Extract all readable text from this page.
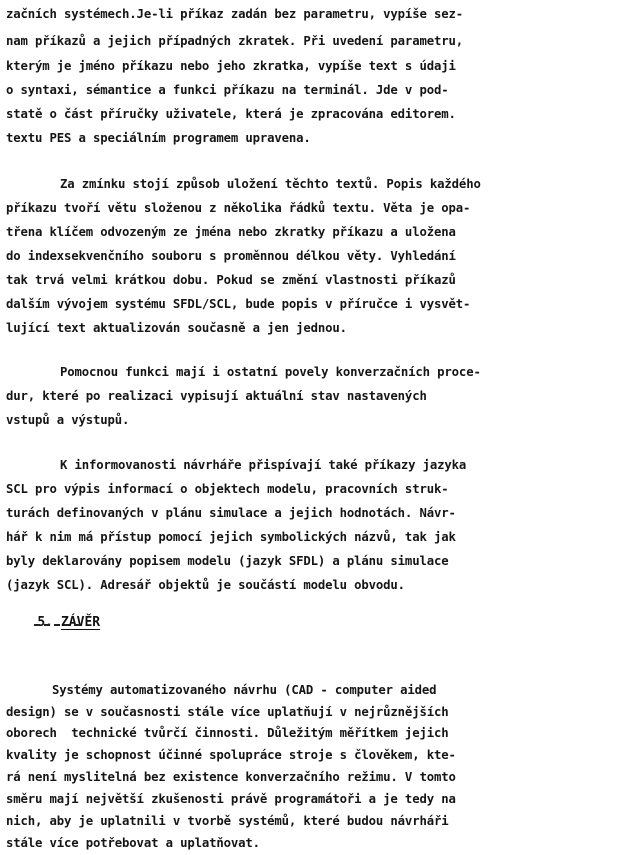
začních systémech.Je-li příkaz zadán bez parametru, vypíše sez-
nam příkazů a jejich případných zkratek. Při uvedení parametru,
kterým je jméno příkazu nebo jeho zkratka, vypíše text s údaji
o syntaxi, sémantice a funkci příkazu na terminál. Jde v pod-
statě o část příručky uživatele, která je zpracována editorem.
textu PES a speciálním programem upravena.
Za zmínku stojí způsob uložení těchto textů. Popis každého
příkazu tvoří větu složenou z několika řádků textu. Věta je opa-
třena klíčem odvozeným ze jména nebo zkratky příkazu a uložena
do indexsekvenčního souboru s proměnnou délkou věty. Vyhledání
tak trvá velmi krátkou dobu. Pokud se změní vlastnosti příkazů
dalším vývojem systému SFDL/SCL, bude popis v příručce i vysvět-
lující text aktualizován současně a jen jednou.
Pomocnou funkci mají i ostatní povely konverzačních proce-
dur, které po realizaci vypisují aktuální stav nastavených
vstupů a výstupů.
K informovanosti návrháře přispívají také příkazy jazyka
SCL pro výpis informací o objektech modelu, pracovních struk-
turách definovaných v plánu simulace a jejich hodnotách. Návr-
hář k nim má přístup pomocí jejich symbolických názvů, tak jak
byly deklarovány popisem modelu (jazyk SFDL) a plánu simulace
(jazyk SCL). Adresář objektů je součástí modelu obvodu.

5. ZÁVĚR

Systémy automatizovaného návrhu (CAD - computer aided
design) se v současnosti stále více uplatňují v nejrůznějších
oborech  technické tvůrčí činnosti. Důležitým měřítkem jejich
kvality je schopnost účinné spolupráce stroje s člověkem, kte-
rá není myslitelná bez existence konverzačního režimu. V tomto
směru mají největší zkušenosti právě programátoři a je tedy na
nich, aby je uplatnili v tvorbě systémů, které budou návrháři
stále více potřebovat a uplatňovat.
